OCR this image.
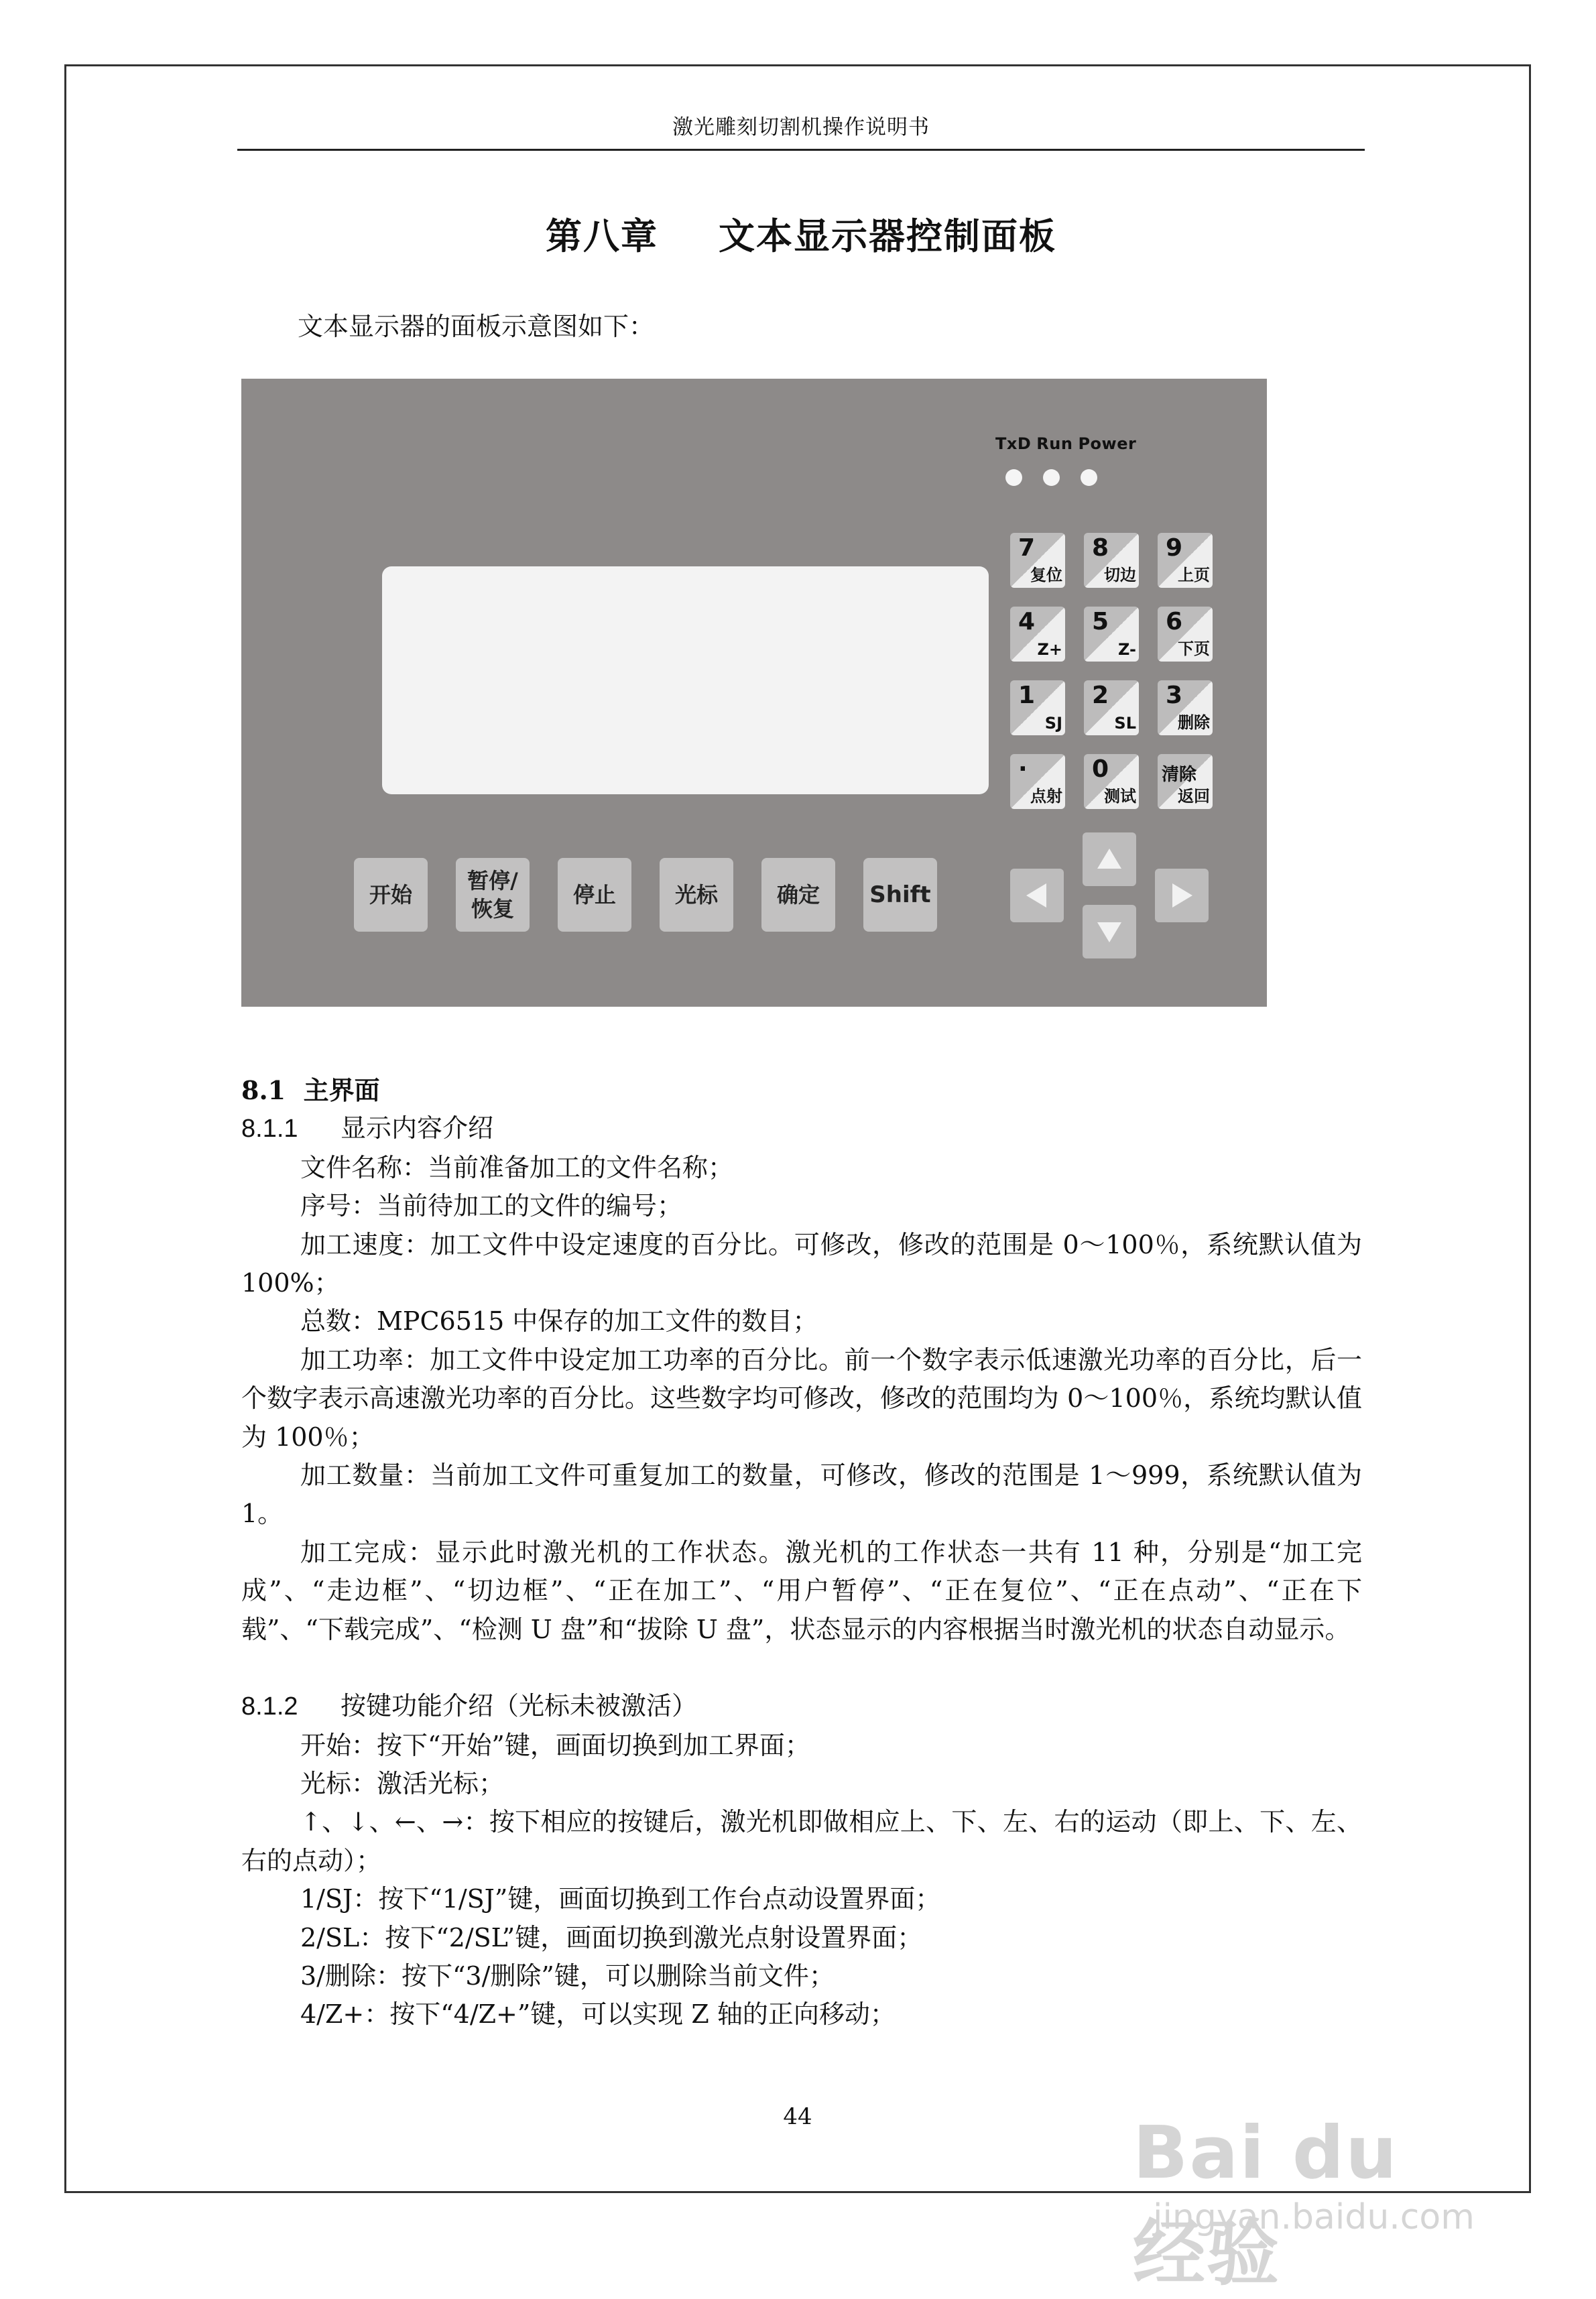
激光雕刻切割机操作说明书
第八章 文本显示器控制面板
文本显示器的面板示意图如下：
TxD Run Power
7
复位
8
切边
9
上页
4
Z+
5
Z-
6
下页
1
SJ
2
SL
3
删除
·
点射
0
测试
清除
返回
开始
暂停/
恢复
停止	光标	确定	Shift

8.1 主界面

8.1.1 显示内容介绍

文件名称：当前准备加工的文件名称；

序号：当前待加工的文件的编号；

加工速度：加工文件中设定速度的百分比。可修改，修改的范围是 0～100％，系统默认值为 100%；

总数：MPC6515 中保存的加工文件的数目；

加工功率：加工文件中设定加工功率的百分比。前一个数字表示低速激光功率的百分比，后一个数字表示高速激光功率的百分比。这些数字均可修改，修改的范围均为 0～100％，系统均默认值为 100％；

加工数量：当前加工文件可重复加工的数量，可修改，修改的范围是 1～999，系统默认值为 1。

加工完成：显示此时激光机的工作状态。激光机的工作状态一共有 11 种，分别是“加工完成”、“走边框”、“切边框”、“正在加工”、“用户暂停”、“正在复位”、“正在点动”、“正在下载”、“下载完成”、“检测 U 盘”和“拔除 U 盘”，状态显示的内容根据当时激光机的状态自动显示。

8.1.2 按键功能介绍（光标未被激活）

开始：按下“开始”键，画面切换到加工界面；

光标：激活光标；

↑、↓、←、→：按下相应的按键后，激光机即做相应上、下、左、右的运动（即上、下、左、右的点动）；

1/SJ：按下“1/SJ”键，画面切换到工作台点动设置界面；

2/SL：按下“2/SL”键，画面切换到激光点射设置界面；

3/删除：按下“3/删除”键，可以删除当前文件；

4/Z+：按下“4/Z+”键，可以实现 Z 轴的正向移动；

44	Bai du 经验
jingyan.baidu.com
